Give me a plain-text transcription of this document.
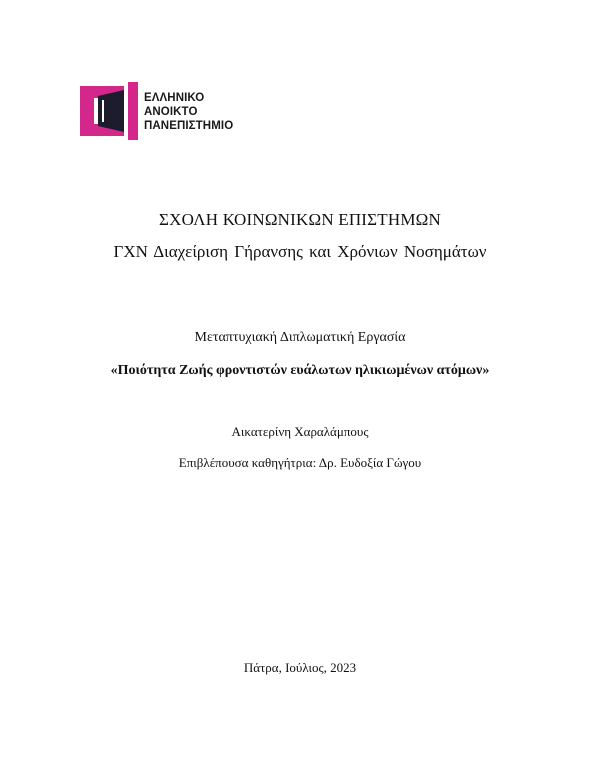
ΕΛΛΗΝΙΚΟ
ΑΝΟΙΚΤΟ
ΠΑΝΕΠΙΣΤΗΜΙΟ
ΣΧΟΛΗ ΚΟΙΝΩΝΙΚΩΝ ΕΠΙΣΤΗΜΩΝ
ΓΧΝ Διαχείριση Γήρανσης και Χρόνιων Νοσημάτων
Μεταπτυχιακή Διπλωματική Εργασία
«Ποιότητα Ζωής φροντιστών ευάλωτων ηλικιωμένων ατόμων»
Αικατερίνη Χαραλάμπους
Επιβλέπουσα καθηγήτρια: Δρ. Ευδοξία Γώγου
Πάτρα, Ιούλιος, 2023
